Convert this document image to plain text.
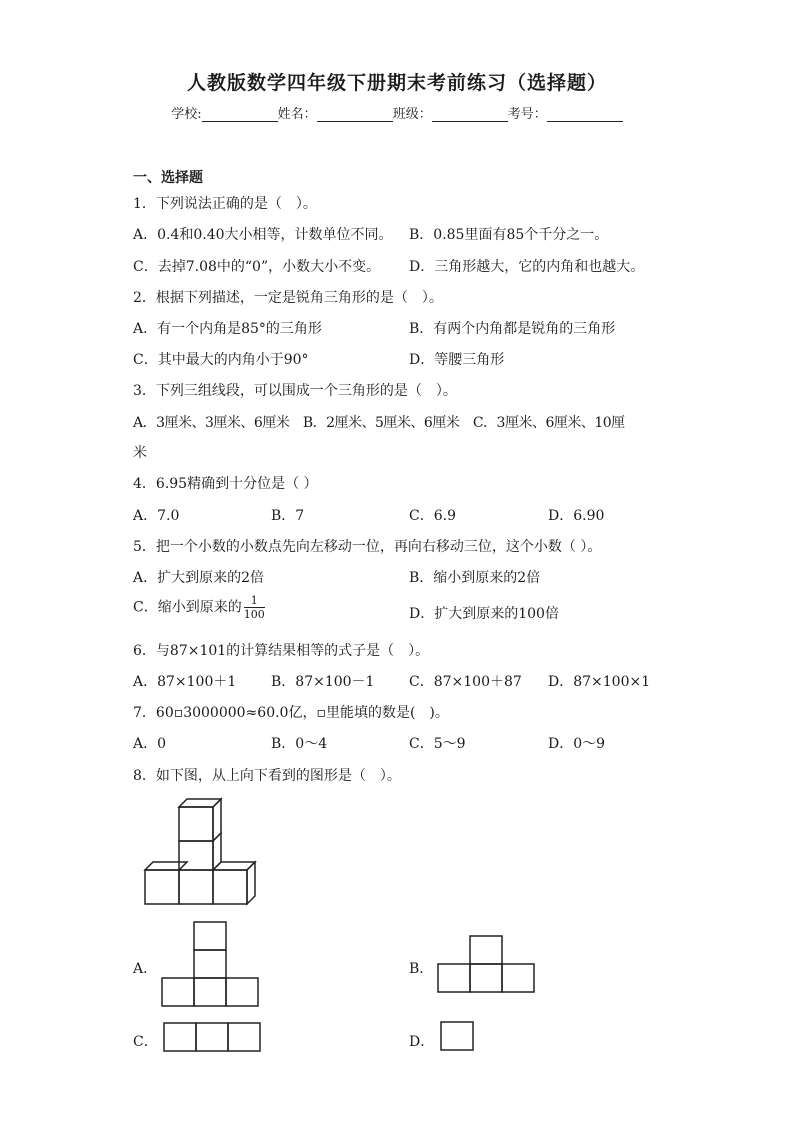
人教版数学四年级下册期末考前练习（选择题）
学校:	姓名：	班级：	考号：
一、选择题
1．下列说法正确的是（　）。
A．0.4和0.40大小相等，计数单位不同。 B．0.85里面有85个千分之一。
C．去掉7.08中的“0”，小数大小不变。 D．三角形越大，它的内角和也越大。
2．根据下列描述，一定是锐角三角形的是（　）。
A．有一个内角是85°的三角形	B．有两个内角都是锐角的三角形
C．其中最大的内角小于90°	D．等腰三角形
3．下列三组线段，可以围成一个三角形的是（　）。
A．3厘米、3厘米、6厘米　B．2厘米、5厘米、6厘米　C．3厘米、6厘米、10厘
米
4．6.95精确到十分位是（ ）
A．7.0	B．7	C．6.9	D．6.90
5．把一个小数的小数点先向左移动一位，再向右移动三位，这个小数（ ）。
A．扩大到原来的2倍	B．缩小到原来的2倍
C．缩小到原来的 $\frac{1}{100}$	D．扩大到原来的100倍
6．与87×101的计算结果相等的式子是（　）。
A．87×100＋1 B．87×100－1 C．87×100＋87 D．87×100×1
7．60▫3000000≈60.0亿，▫里能填的数是(　)。
A．0	B．0～4	C．5～9	D．0～9
8．如下图，从上向下看到的图形是（　）。
A．	B．
C．	D．
